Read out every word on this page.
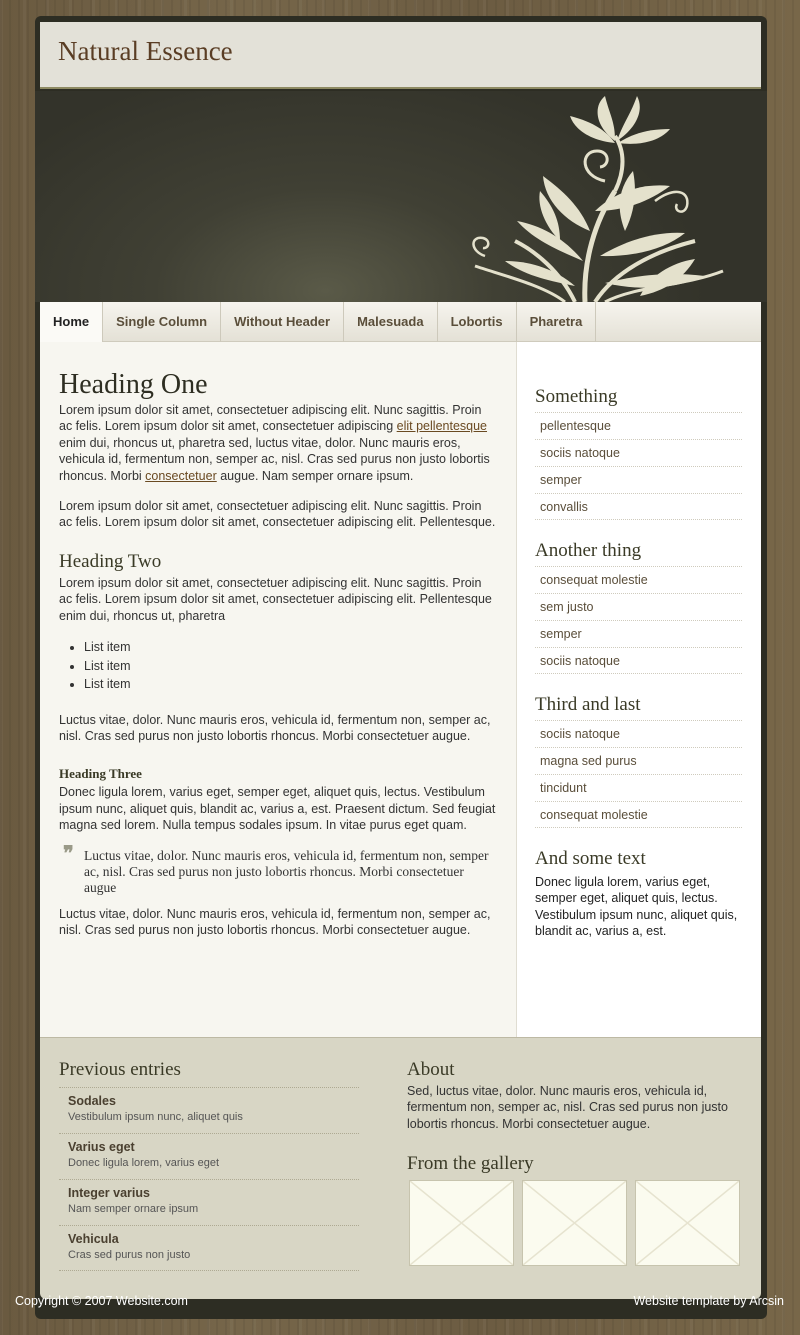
Natural Essence
Home	Single Column	Without Header	Malesuada	Lobortis	Pharetra
Heading One

Lorem ipsum dolor sit amet, consectetuer adipiscing elit. Nunc sagittis. Proin ac felis. Lorem ipsum dolor sit amet, consectetuer adipiscing elit pellentesque enim dui, rhoncus ut, pharetra sed, luctus vitae, dolor. Nunc mauris eros, vehicula id, fermentum non, semper ac, nisl. Cras sed purus non justo lobortis rhoncus. Morbi consectetuer augue. Nam semper ornare ipsum.

Lorem ipsum dolor sit amet, consectetuer adipiscing elit. Nunc sagittis. Proin ac felis. Lorem ipsum dolor sit amet, consectetuer adipiscing elit. Pellentesque.

Heading Two

Lorem ipsum dolor sit amet, consectetuer adipiscing elit. Nunc sagittis. Proin ac felis. Lorem ipsum dolor sit amet, consectetuer adipiscing elit. Pellentesque enim dui, rhoncus ut, pharetra

• List item
• List item
• List item

Luctus vitae, dolor. Nunc mauris eros, vehicula id, fermentum non, semper ac, nisl. Cras sed purus non justo lobortis rhoncus. Morbi consectetuer augue.

Heading Three

Donec ligula lorem, varius eget, semper eget, aliquet quis, lectus. Vestibulum ipsum nunc, aliquet quis, blandit ac, varius a, est. Praesent dictum. Sed feugiat magna sed lorem. Nulla tempus sodales ipsum. In vitae purus eget quam.

❞ Luctus vitae, dolor. Nunc mauris eros, vehicula id, fermentum non, semper ac, nisl. Cras sed purus non justo lobortis rhoncus. Morbi consectetuer augue

Luctus vitae, dolor. Nunc mauris eros, vehicula id, fermentum non, semper ac, nisl. Cras sed purus non justo lobortis rhoncus. Morbi consectetuer augue.

Something
pellentesque
sociis natoque
semper
convallis
Another thing
consequat molestie
sem justo
semper
sociis natoque
Third and last
sociis natoque
magna sed purus
tincidunt
consequat molestie
And some text

Donec ligula lorem, varius eget, semper eget, aliquet quis, lectus. Vestibulum ipsum nunc, aliquet quis, blandit ac, varius a, est.

Previous entries
Sodales
Vestibulum ipsum nunc, aliquet quis
Varius eget
Donec ligula lorem, varius eget
Integer varius
Nam semper ornare ipsum
Vehicula
Cras sed purus non justo
About

Sed, luctus vitae, dolor. Nunc mauris eros, vehicula id, fermentum non, semper ac, nisl. Cras sed purus non justo lobortis rhoncus. Morbi consectetuer augue.

From the gallery
Copyright © 2007 Website.com	Website template by Arcsin
